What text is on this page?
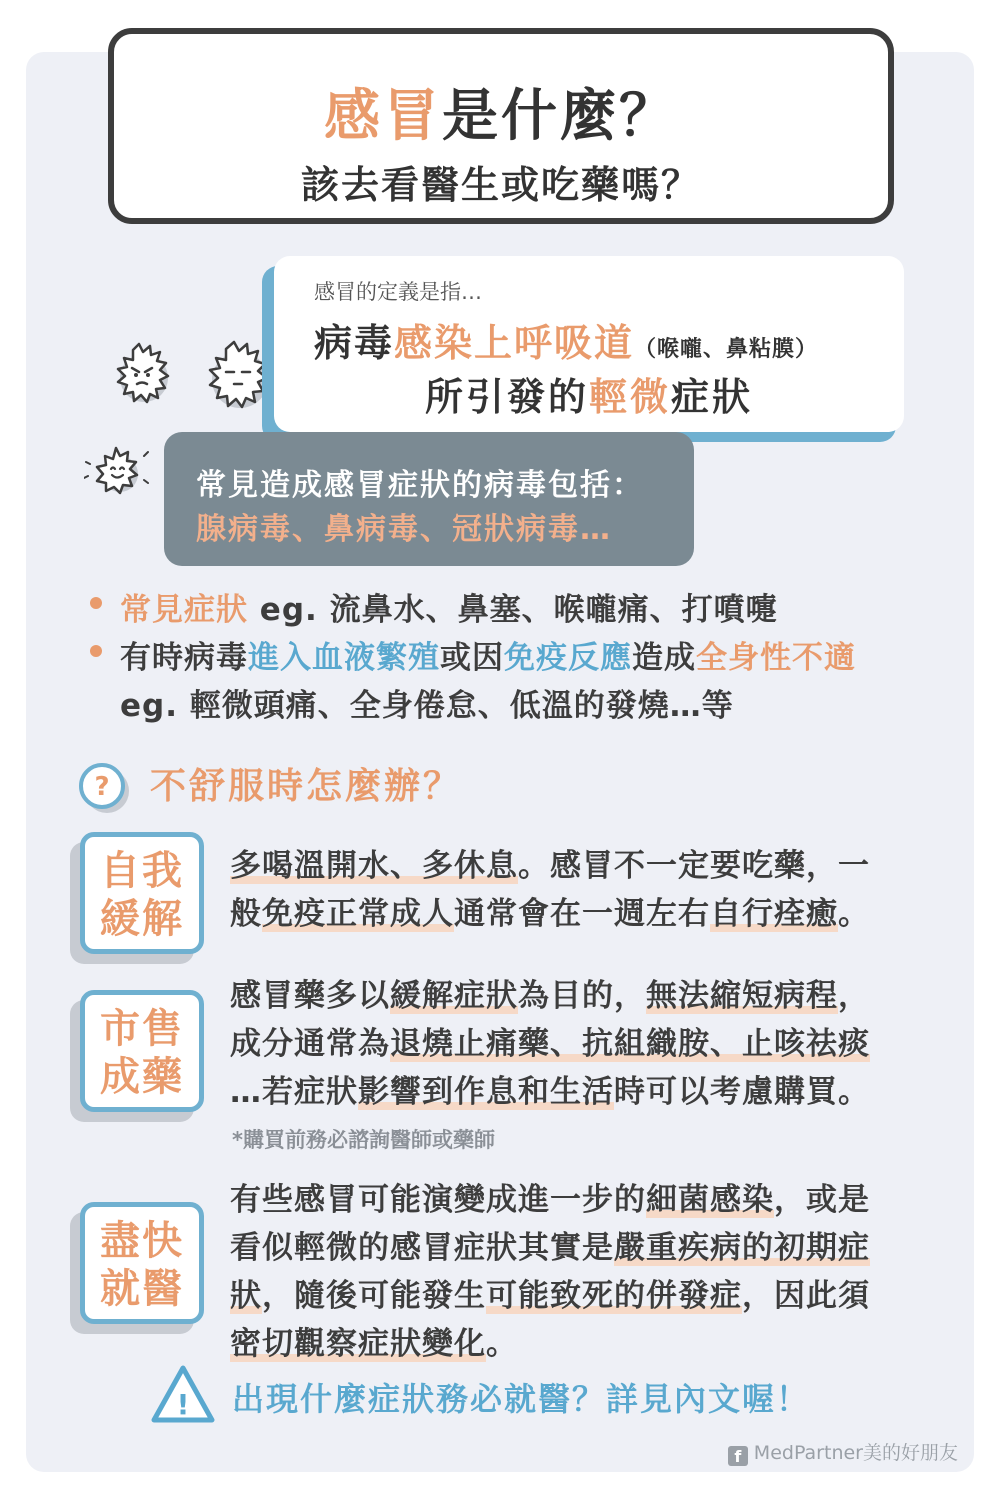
感冒是什麼？
該去看醫生或吃藥嗎？
感冒的定義是指…
病毒感染上呼吸道（喉嚨、鼻粘膜）
所引發的輕微症狀
常見造成感冒症狀的病毒包括：
腺病毒、鼻病毒、冠狀病毒…
常見症狀 eg. 流鼻水、鼻塞、喉嚨痛、打噴嚏
有時病毒進入血液繁殖或因免疫反應造成全身性不適
eg. 輕微頭痛、全身倦怠、低溫的發燒…等
? 不舒服時怎麼辦？
自我
緩解
多喝溫開水、多休息。感冒不一定要吃藥，一
般免疫正常成人通常會在一週左右自行痊癒。
市售
成藥
感冒藥多以緩解症狀為目的，無法縮短病程，
成分通常為退燒止痛藥、抗組織胺、止咳祛痰
…若症狀影響到作息和生活時可以考慮購買。
*購買前務必諮詢醫師或藥師
盡快
就醫
有些感冒可能演變成進一步的細菌感染，或是
看似輕微的感冒症狀其實是嚴重疾病的初期症
狀，隨後可能發生可能致死的併發症，因此須
密切觀察症狀變化。
! 出現什麼症狀務必就醫？詳見內文喔！
f MedPartner美的好朋友
